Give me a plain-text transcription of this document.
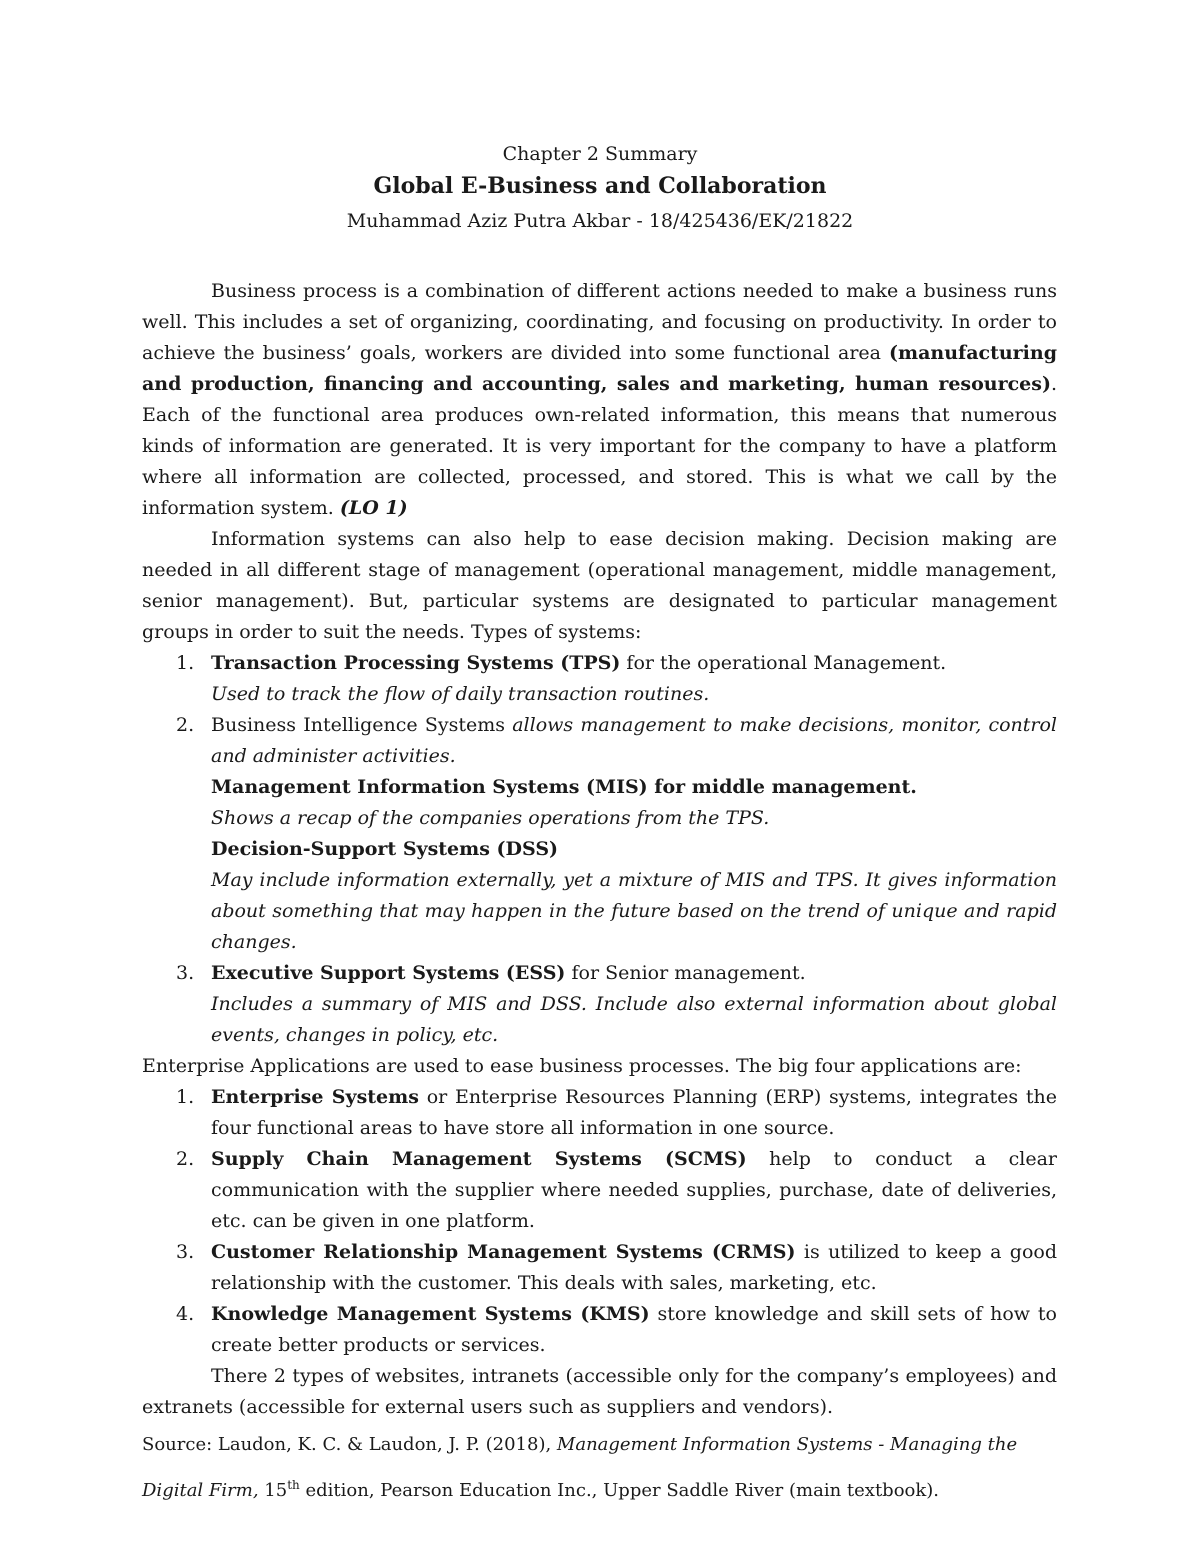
Chapter 2 Summary
Global E-Business and Collaboration
Muhammad Aziz Putra Akbar - 18/425436/EK/21822

Business process is a combination of different actions needed to make a business runs well. This includes a set of organizing, coordinating, and focusing on productivity. In order to achieve the business’ goals, workers are divided into some functional area (manufacturing and production, financing and accounting, sales and marketing, human resources). Each of the functional area produces own-related information, this means that numerous kinds of information are generated. It is very important for the company to have a platform where all information are collected, processed, and stored. This is what we call by the information system. (LO 1)

Information systems can also help to ease decision making. Decision making are needed in all different stage of management (operational management, middle management, senior management). But, particular systems are designated to particular management groups in order to suit the needs. Types of systems:

1. Transaction Processing Systems (TPS) for the operational Management.
Used to track the flow of daily transaction routines.
2. Business Intelligence Systems allows management to make decisions, monitor, control and administer activities.
Management Information Systems (MIS) for middle management.
Shows a recap of the companies operations from the TPS.
Decision-Support Systems (DSS)
May include information externally, yet a mixture of MIS and TPS. It gives information about something that may happen in the future based on the trend of unique and rapid changes.
3. Executive Support Systems (ESS) for Senior management.
Includes a summary of MIS and DSS. Include also external information about global events, changes in policy, etc.

Enterprise Applications are used to ease business processes. The big four applications are:

1. Enterprise Systems or Enterprise Resources Planning (ERP) systems, integrates the four functional areas to have store all information in one source.
2. Supply Chain Management Systems (SCMS) help to conduct a clear communication with the supplier where needed supplies, purchase, date of deliveries, etc. can be given in one platform.
3. Customer Relationship Management Systems (CRMS) is utilized to keep a good relationship with the customer. This deals with sales, marketing, etc.
4. Knowledge Management Systems (KMS) store knowledge and skill sets of how to create better products or services.

There 2 types of websites, intranets (accessible only for the company’s employees) and extranets (accessible for external users such as suppliers and vendors).

Source: Laudon, K. C. & Laudon, J. P. (2018), Management Information Systems - Managing the Digital Firm, 15th edition, Pearson Education Inc., Upper Saddle River (main textbook).
